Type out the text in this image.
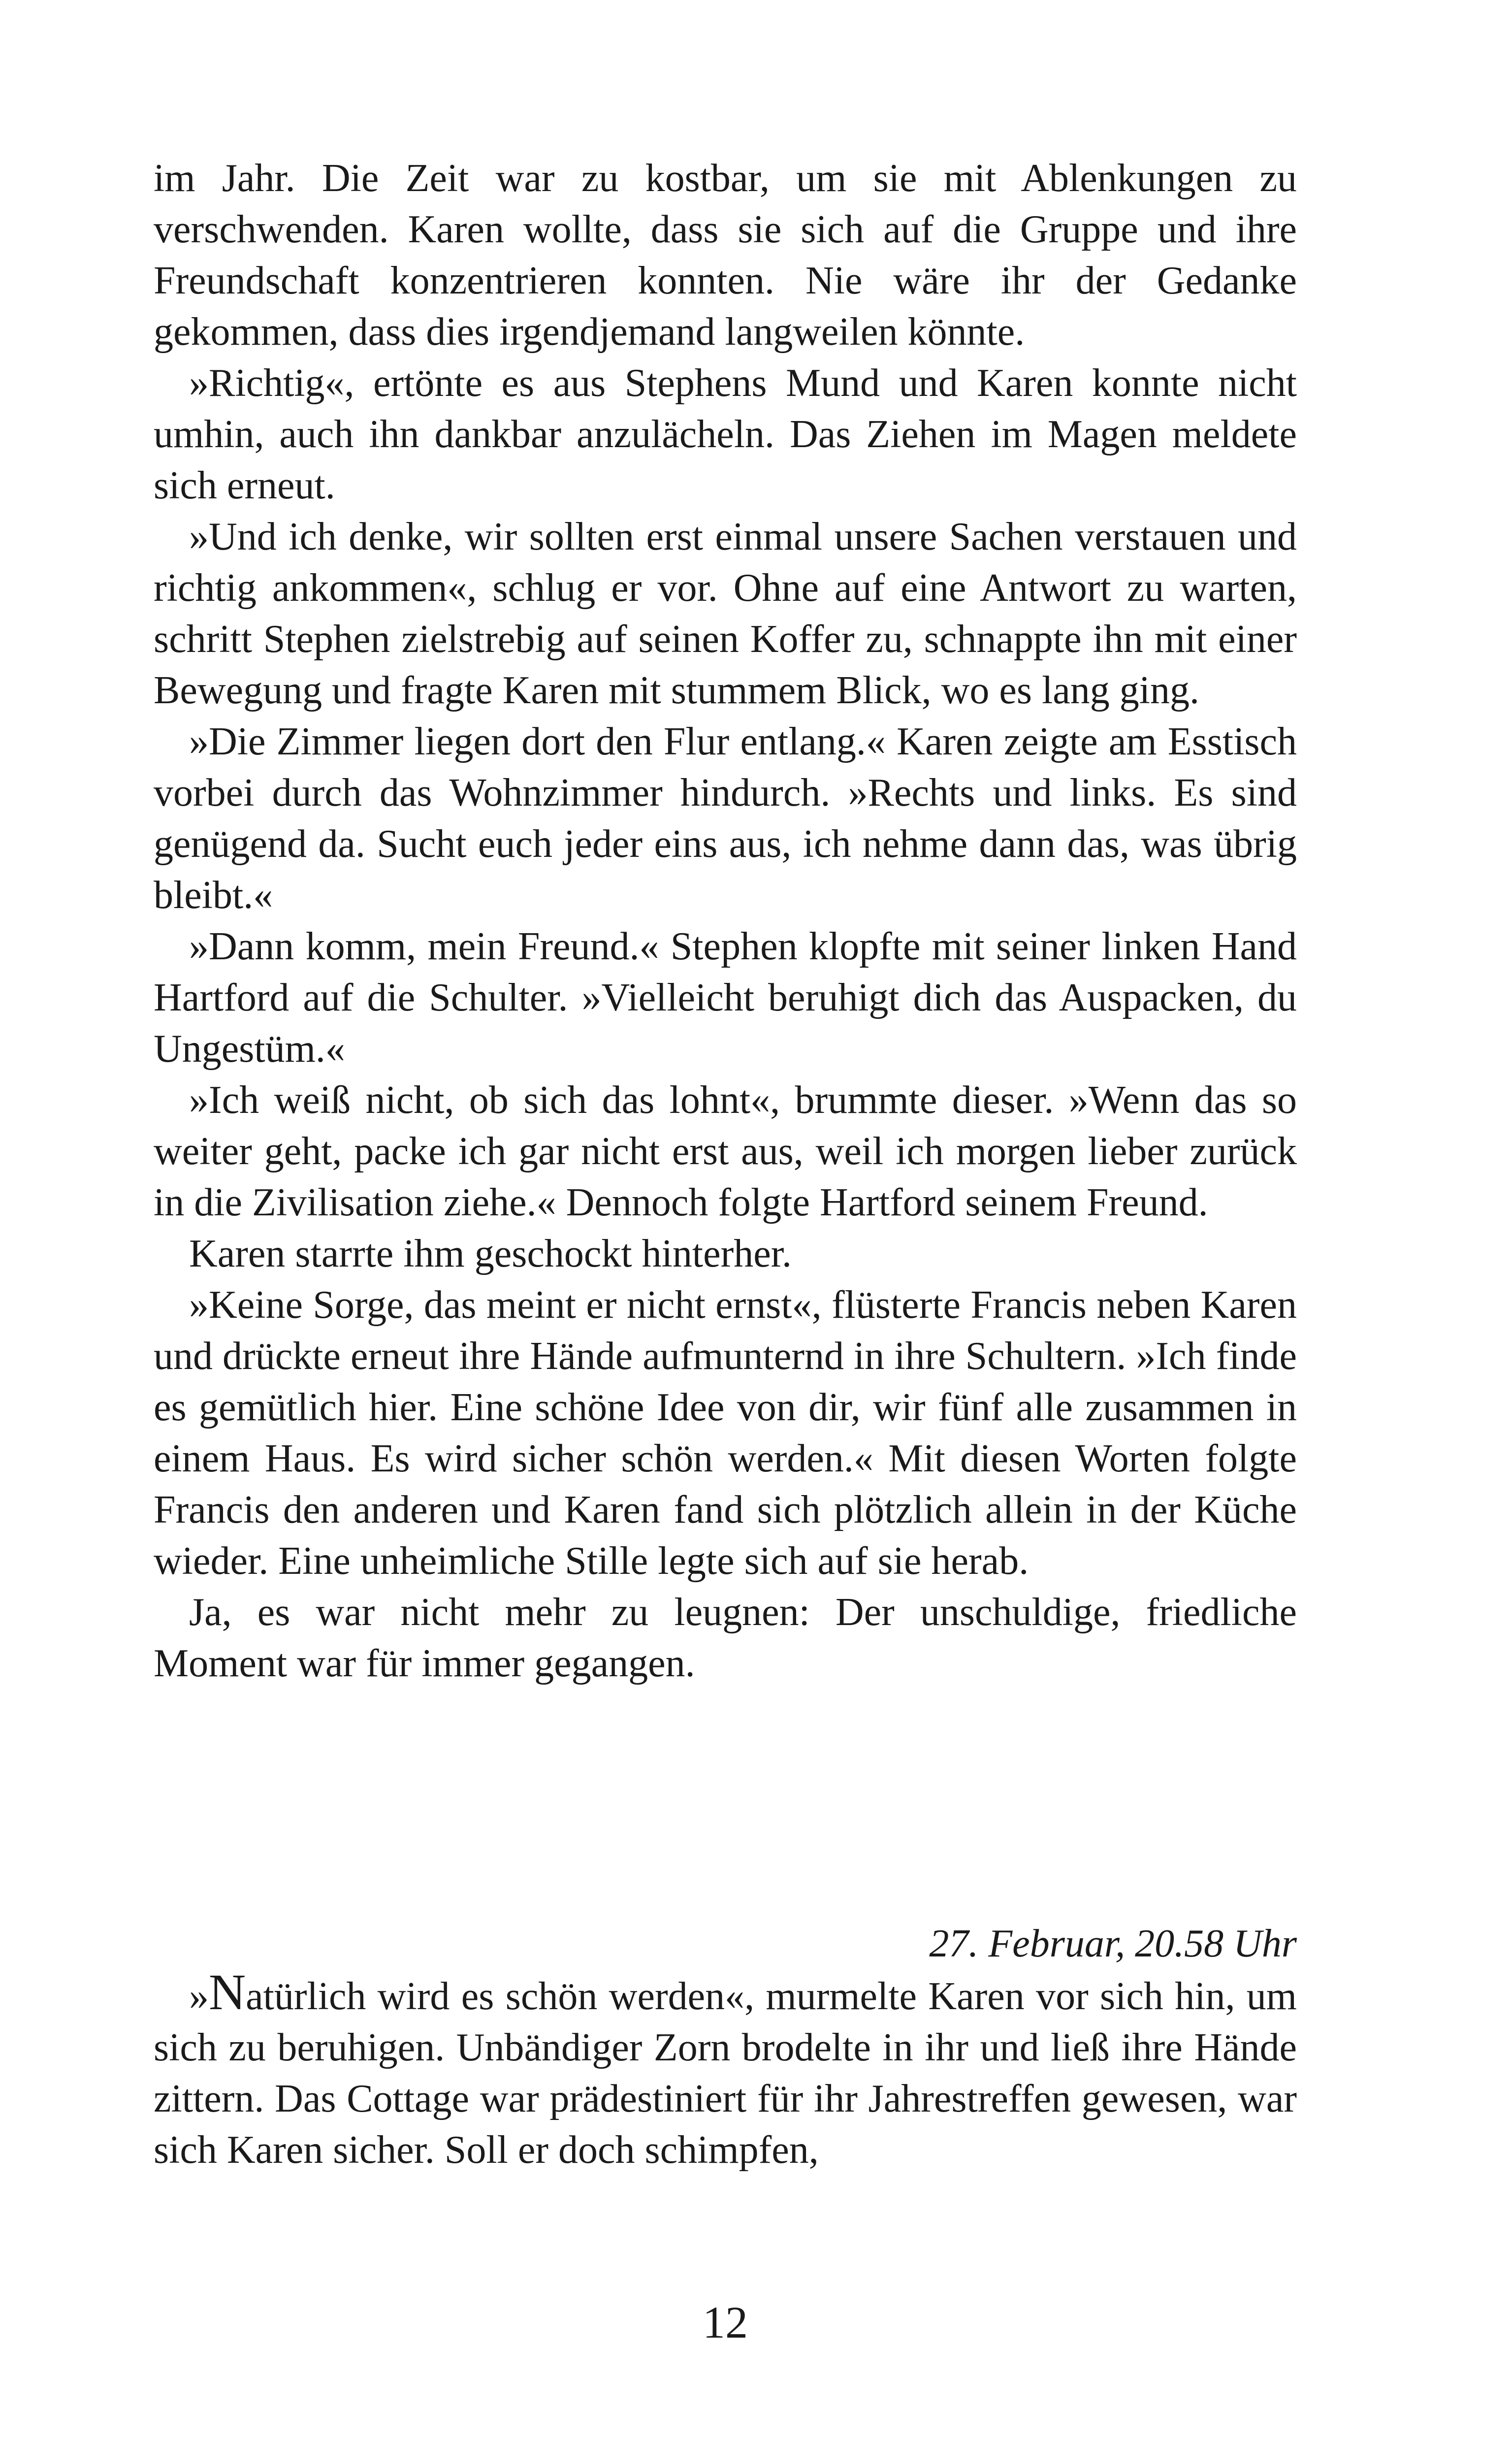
im Jahr. Die Zeit war zu kostbar, um sie mit Ablenkungen zu verschwenden. Karen wollte, dass sie sich auf die Gruppe und ihre Freundschaft konzentrieren konnten. Nie wäre ihr der Gedanke gekommen, dass dies irgendjemand langweilen könnte.

»Richtig«, ertönte es aus Stephens Mund und Karen konnte nicht umhin, auch ihn dankbar anzulächeln. Das Ziehen im Magen meldete sich erneut.

»Und ich denke, wir sollten erst einmal unsere Sachen verstauen und richtig ankommen«, schlug er vor. Ohne auf eine Antwort zu warten, schritt Stephen zielstrebig auf seinen Koffer zu, schnappte ihn mit einer Bewegung und fragte Karen mit stummem Blick, wo es lang ging.

»Die Zimmer liegen dort den Flur entlang.« Karen zeigte am Esstisch vorbei durch das Wohnzimmer hindurch. »Rechts und links. Es sind genügend da. Sucht euch jeder eins aus, ich nehme dann das, was übrig bleibt.«

»Dann komm, mein Freund.« Stephen klopfte mit seiner linken Hand Hartford auf die Schulter. »Vielleicht beruhigt dich das Auspacken, du Ungestüm.«

»Ich weiß nicht, ob sich das lohnt«, brummte dieser. »Wenn das so weiter geht, packe ich gar nicht erst aus, weil ich morgen lieber zurück in die Zivilisation ziehe.« Dennoch folgte Hartford seinem Freund.

Karen starrte ihm geschockt hinterher.

»Keine Sorge, das meint er nicht ernst«, flüsterte Francis neben Karen und drückte erneut ihre Hände aufmunternd in ihre Schultern. »Ich finde es gemütlich hier. Eine schöne Idee von dir, wir fünf alle zusammen in einem Haus. Es wird sicher schön werden.« Mit diesen Worten folgte Francis den anderen und Karen fand sich plötzlich allein in der Küche wieder. Eine unheimliche Stille legte sich auf sie herab.

Ja, es war nicht mehr zu leugnen: Der unschuldige, friedliche Moment war für immer gegangen.

27. Februar, 20.58 Uhr

»Natürlich wird es schön werden«, murmelte Karen vor sich hin, um sich zu beruhigen. Unbändiger Zorn brodelte in ihr und ließ ihre Hände zittern. Das Cottage war prädestiniert für ihr Jahrestreffen gewesen, war sich Karen sicher. Soll er doch schimpfen,

12
